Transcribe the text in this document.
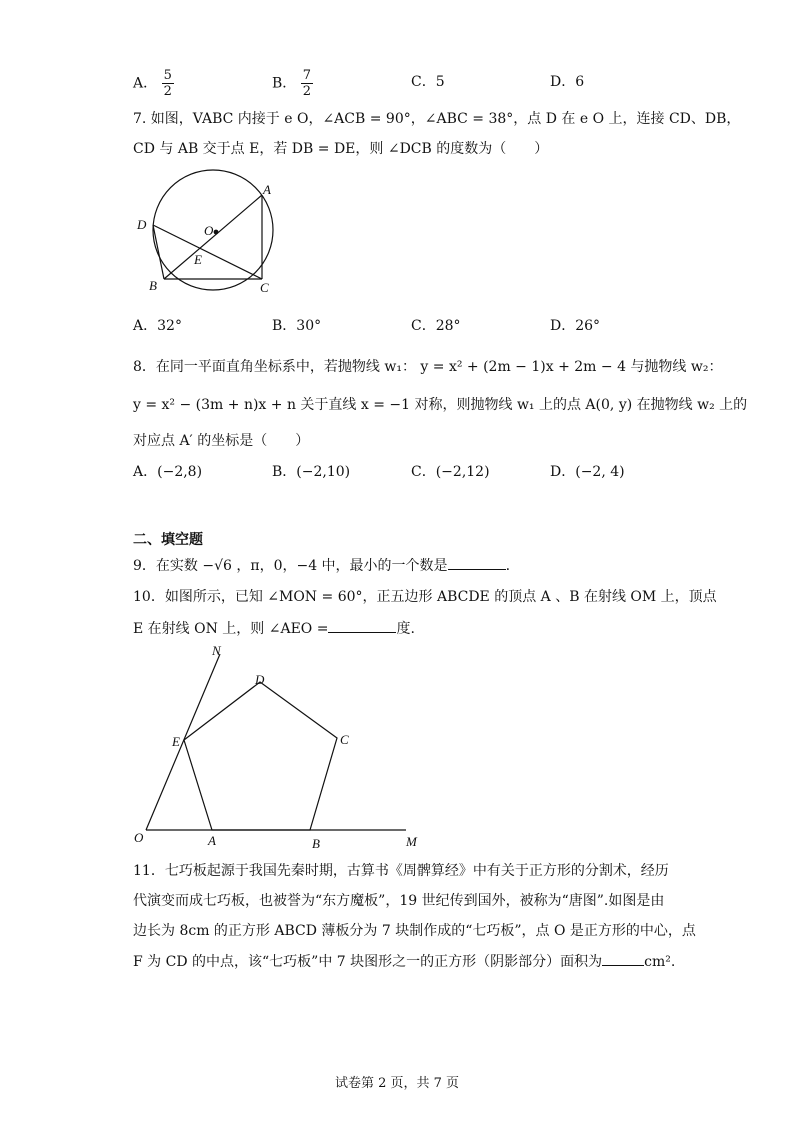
A． $\frac{5}{2}$	B． $\frac{7}{2}$	C．5	D．6
7. 如图，VABC 内接于 e O，∠ACB = 90°，∠ABC = 38°，点 D 在 e O 上，连接 CD、DB，
CD 与 AB 交于点 E，若 DB = DE，则 ∠DCB 的度数为（　　）
A
D	O
E
B	C
A．32°	B．30°	C．28°	D．26°
8．在同一平面直角坐标系中，若抛物线 w₁： y = x² + (2m − 1)x + 2m − 4 与抛物线 w₂：
y = x² − (3m + n)x + n 关于直线 x = −1 对称，则抛物线 w₁ 上的点 A(0, y) 在抛物线 w₂ 上的
对应点 A′ 的坐标是（　　）
A．(−2,8)	B．(−2,10)	C．(−2,12)	D．(−2, 4)
二、填空题
9．在实数 −√6 ，π，0，−4 中，最小的一个数是	.
10．如图所示，已知 ∠MON = 60°，正五边形 ABCDE 的顶点 A 、B 在射线 OM 上，顶点
E 在射线 ON 上，则 ∠AEO =	度.
N
D
E	C
O	A	B	M
11．七巧板起源于我国先秦时期，古算书《周髀算经》中有关于正方形的分割术，经历
代演变而成七巧板，也被誉为“东方魔板”，19 世纪传到国外，被称为“唐图”.如图是由
边长为 8cm 的正方形 ABCD 薄板分为 7 块制作成的“七巧板”，点 O 是正方形的中心，点
F 为 CD 的中点，该“七巧板”中 7 块图形之一的正方形（阴影部分）面积为	cm².
试卷第 2 页，共 7 页
